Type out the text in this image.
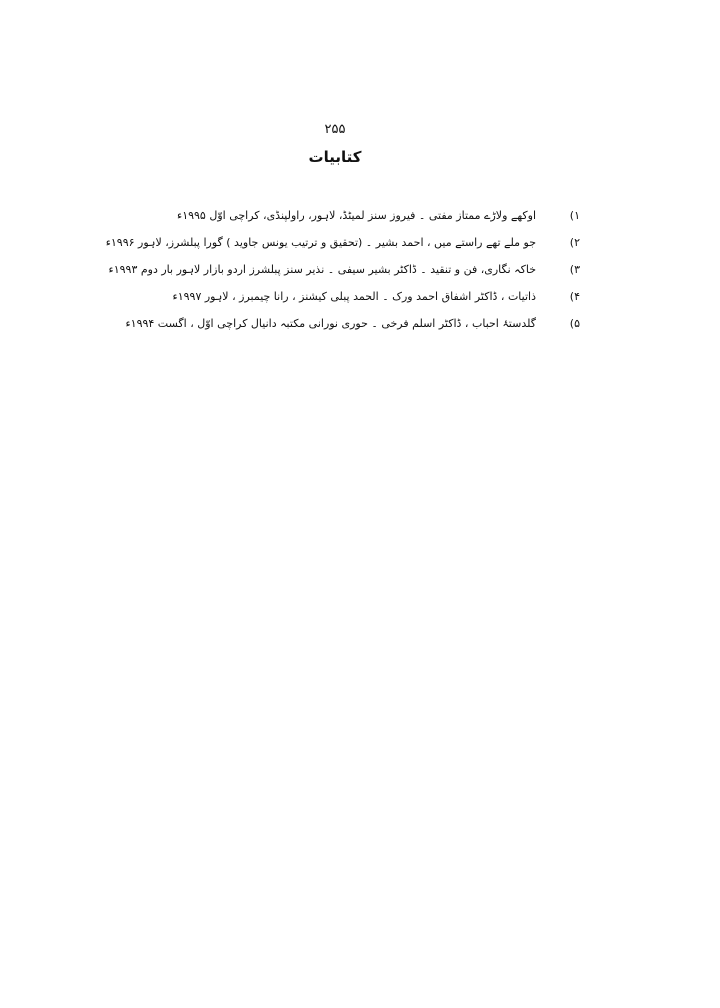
۲۵۵
کتابیات
۱)
اوکھے ولاڑے ممتاز مفتی ۔ فیروز سنز لمیٹڈ، لاہور، راولپنڈی، کراچی اوّل ۱۹۹۵ء
۲)
جو ملے تھے راستے میں ، احمد بشیر ۔ (تحقیق و ترتیب یونس جاوید ) گورا پبلشرز، لاہور ۱۹۹۶ء
۳)
خاکہ نگاری، فن و تنقید ۔ ڈاکٹر بشیر سیفی ۔ نذیر سنز پبلشرز اردو بازار لاہور بار دوم ۱۹۹۳ء
۴)
ذاتیات ، ڈاکٹر اشفاق احمد ورک ۔ الحمد پبلی کیشنز ، رانا چیمبرز ، لاہور ۱۹۹۷ء
۵)
گلدستۂ احباب ، ڈاکٹر اسلم فرخی ۔ حوری نورانی مکتبہ دانیال کراچی اوّل ، اگست ۱۹۹۴ء
